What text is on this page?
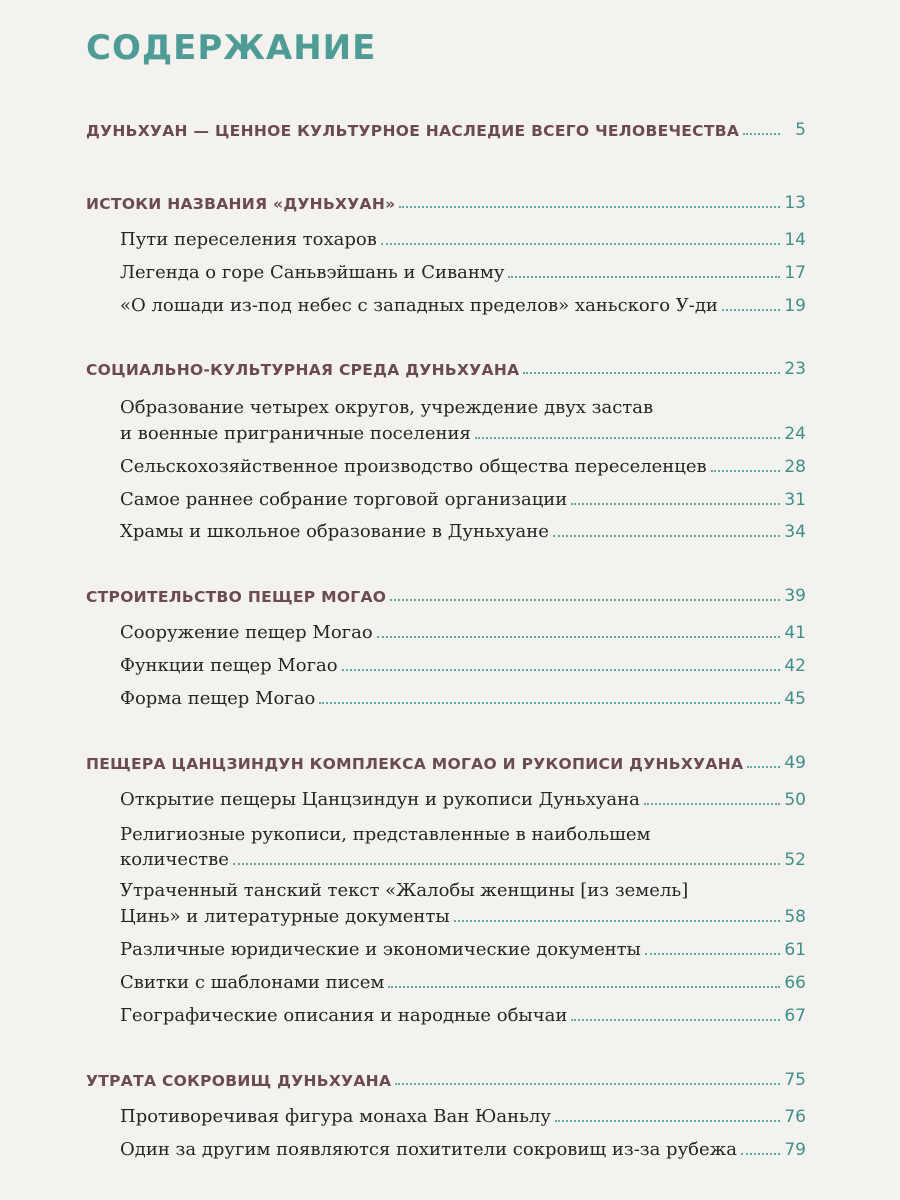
СОДЕРЖАНИЕ
ДУНЬХУАН — ЦЕННОЕ КУЛЬТУРНОЕ НАСЛЕДИЕ ВСЕГО ЧЕЛОВЕЧЕСТВА	5
ИСТОКИ НАЗВАНИЯ «ДУНЬХУАН»	13
Пути переселения тохаров	14
Легенда о горе Саньвэйшань и Сиванму	17
«О лошади из-под небес с западных пределов» ханьского У-ди	19
СОЦИАЛЬНО-КУЛЬТУРНАЯ СРЕДА ДУНЬХУАНА	23
Образование четырех округов, учреждение двух застав
и военные приграничные поселения	24
Сельскохозяйственное производство общества переселенцев	28
Самое раннее собрание торговой организации	31
Храмы и школьное образование в Дуньхуане	34
СТРОИТЕЛЬСТВО ПЕЩЕР МОГАО	39
Сооружение пещер Могао	41
Функции пещер Могао	42
Форма пещер Могао	45
ПЕЩЕРА ЦАНЦЗИНДУН КОМПЛЕКСА МОГАО И РУКОПИСИ ДУНЬХУАНА 49
Открытие пещеры Цанцзиндун и рукописи Дуньхуана	50
Религиозные рукописи, представленные в наибольшем
количестве	52
Утраченный танский текст «Жалобы женщины [из земель]
Цинь» и литературные документы	58
Различные юридические и экономические документы	61
Свитки с шаблонами писем	66
Географические описания и народные обычаи	67
УТРАТА СОКРОВИЩ ДУНЬХУАНА	75
Противоречивая фигура монаха Ван Юаньлу	76
Один за другим появляются похитители сокровищ из-за рубежа	79
